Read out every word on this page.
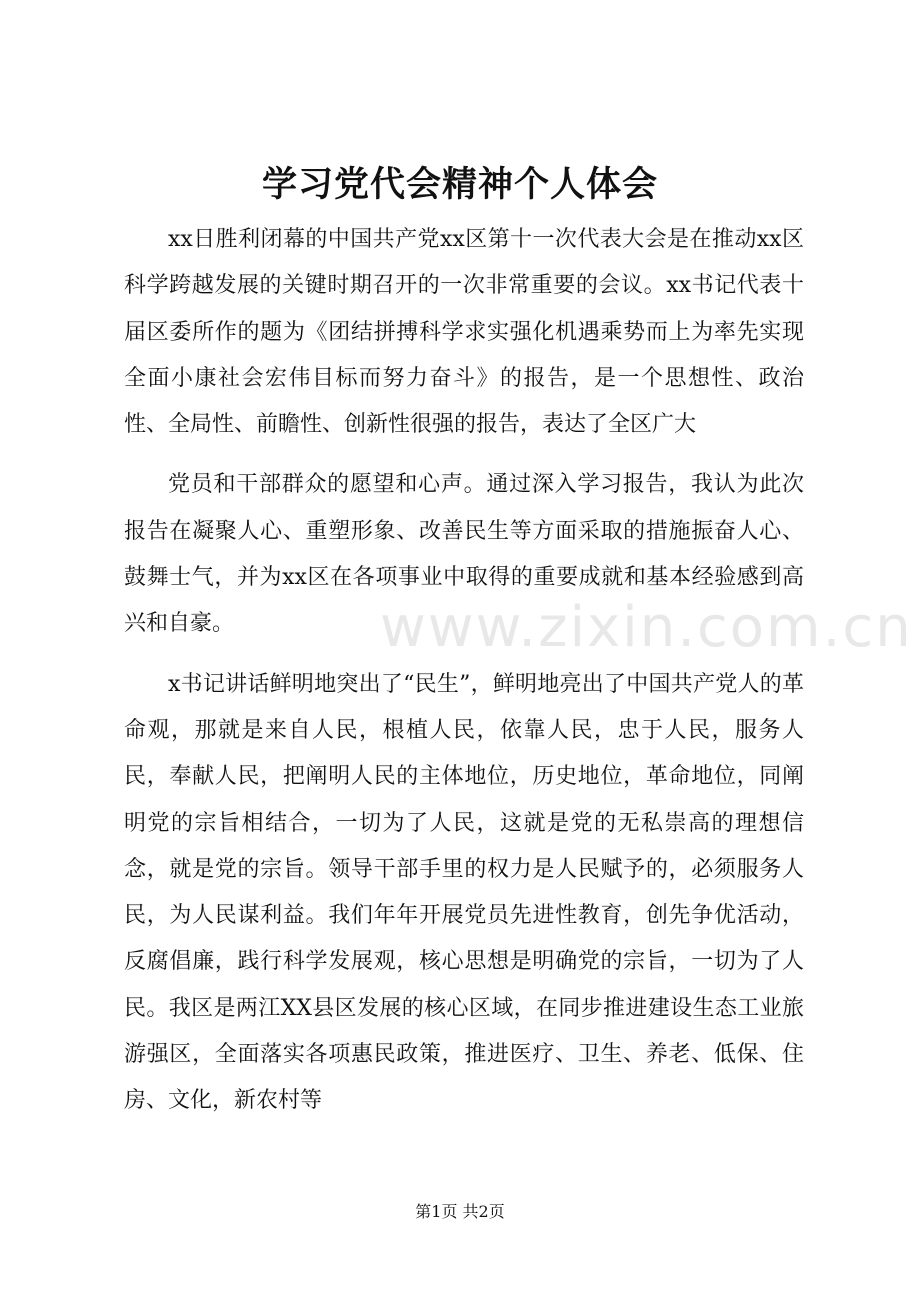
学习党代会精神个人体会

xx日胜利闭幕的中国共产党xx区第十一次代表大会是在推动xx区科学跨越发展的关键时期召开的一次非常重要的会议。xx书记代表十届区委所作的题为《团结拼搏科学求实强化机遇乘势而上为率先实现全面小康社会宏伟目标而努力奋斗》的报告，是一个思想性、政治性、全局性、前瞻性、创新性很强的报告，表达了全区广大

党员和干部群众的愿望和心声。通过深入学习报告，我认为此次报告在凝聚人心、重塑形象、改善民生等方面采取的措施振奋人心、鼓舞士气，并为xx区在各项事业中取得的重要成就和基本经验感到高兴和自豪。

x书记讲话鲜明地突出了“民生”，鲜明地亮出了中国共产党人的革命观，那就是来自人民，根植人民，依靠人民，忠于人民，服务人民，奉献人民，把阐明人民的主体地位，历史地位，革命地位，同阐明党的宗旨相结合，一切为了人民，这就是党的无私崇高的理想信念，就是党的宗旨。领导干部手里的权力是人民赋予的，必须服务人民，为人民谋利益。我们年年开展党员先进性教育，创先争优活动，反腐倡廉，践行科学发展观，核心思想是明确党的宗旨，一切为了人民。我区是两江XX县区发展的核心区域，在同步推进建设生态工业旅游强区，全面落实各项惠民政策，推进医疗、卫生、养老、低保、住房、文化，新农村等

www.zixin.com.cn
第1页 共2页
